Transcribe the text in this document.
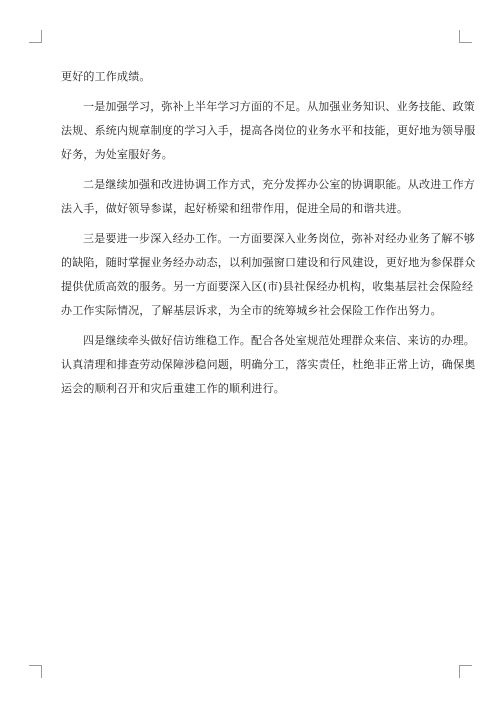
更好的工作成绩。
一是加强学习，弥补上半年学习方面的不足。从加强业务知识、业务技能、政策
法规、系统内规章制度的学习入手，提高各岗位的业务水平和技能，更好地为领导服
好务，为处室服好务。
二是继续加强和改进协调工作方式，充分发挥办公室的协调职能。从改进工作方
法入手，做好领导参谋，起好桥梁和纽带作用，促进全局的和谐共进。
三是要进一步深入经办工作。一方面要深入业务岗位，弥补对经办业务了解不够
的缺陷，随时掌握业务经办动态，以利加强窗口建设和行风建设，更好地为参保群众
提供优质高效的服务。另一方面要深入区(市)县社保经办机构，收集基层社会保险经
办工作实际情况，了解基层诉求，为全市的统筹城乡社会保险工作作出努力。
四是继续牵头做好信访维稳工作。配合各处室规范处理群众来信、来访的办理。
认真清理和排查劳动保障涉稳问题，明确分工，落实责任，杜绝非正常上访，确保奥
运会的顺利召开和灾后重建工作的顺利进行。
